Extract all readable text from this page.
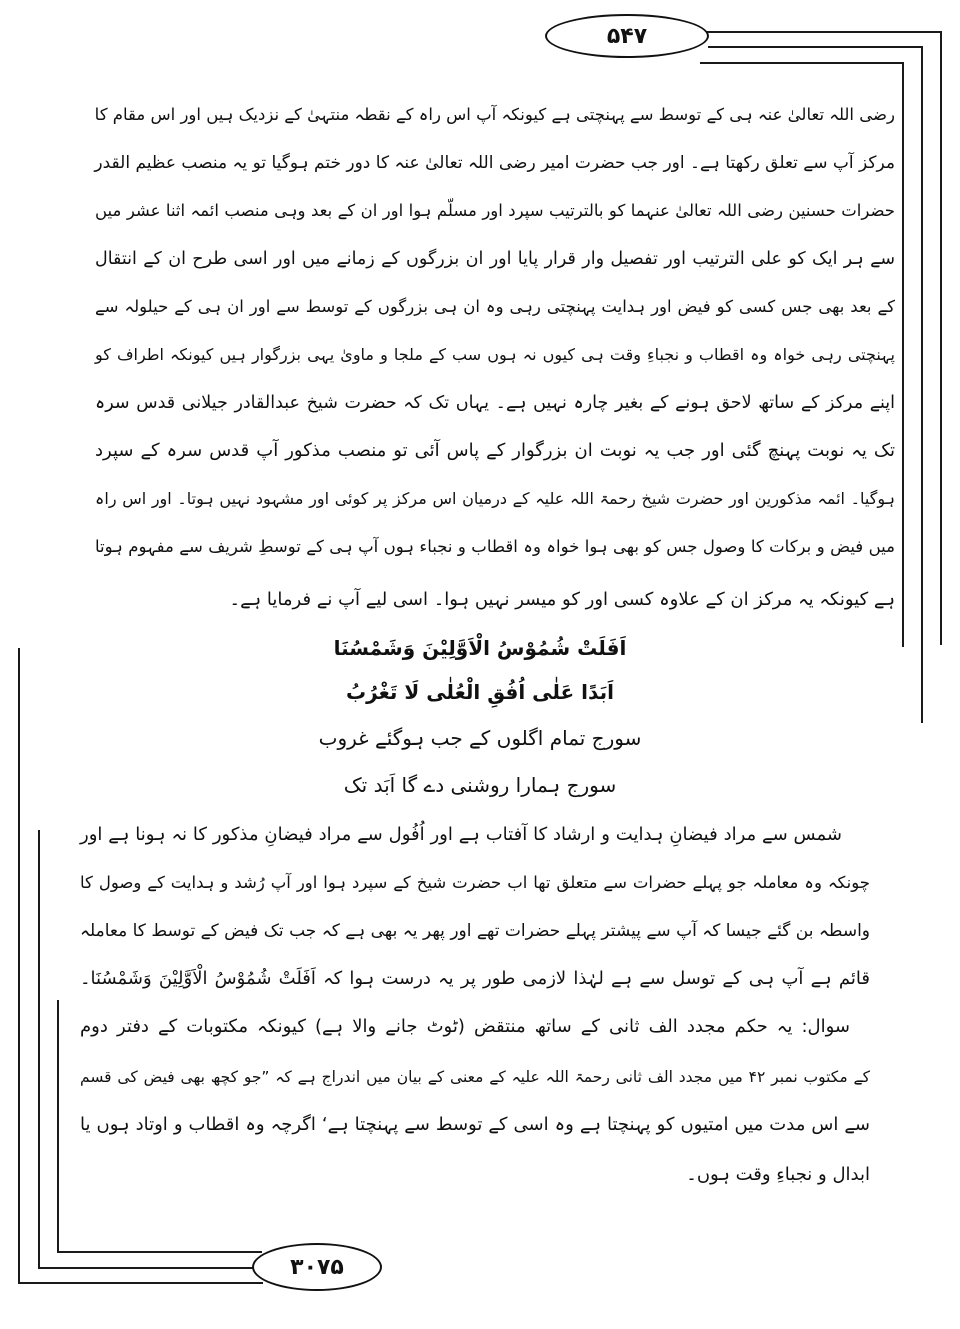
۵۴۷
۳۰۷۵
رضی اللہ تعالیٰ عنہ ہی کے توسط سے پہنچتی ہے کیونکہ آپ اس راہ کے نقطہ منتہیٰ کے نزدیک ہیں اور اس مقام کا
مرکز آپ سے تعلق رکھتا ہے۔ اور جب حضرت امیر رضی اللہ تعالیٰ عنہ کا دور ختم ہوگیا تو یہ منصب عظیم القدر
حضرات حسنین رضی اللہ تعالیٰ عنہما کو بالترتیب سپرد اور مسلّم ہوا اور ان کے بعد وہی منصب ائمہ اثنا عشر میں
سے ہر ایک کو علی الترتیب اور تفصیل وار قرار پایا اور ان بزرگوں کے زمانے میں اور اسی طرح ان کے انتقال
کے بعد بھی جس کسی کو فیض اور ہدایت پہنچتی رہی وہ ان ہی بزرگوں کے توسط سے اور ان ہی کے حیلولہ سے
پہنچتی رہی خواہ وہ اقطاب و نجباءِ وقت ہی کیوں نہ ہوں سب کے ملجا و ماویٰ یہی بزرگوار ہیں کیونکہ اطراف کو
اپنے مرکز کے ساتھ لاحق ہونے کے بغیر چارہ نہیں ہے۔ یہاں تک کہ حضرت شیخ عبدالقادر جیلانی قدس سرہ
تک یہ نوبت پہنچ گئی اور جب یہ نوبت ان بزرگوار کے پاس آئی تو منصب مذکور آپ قدس سرہ کے سپرد
ہوگیا۔ ائمہ مذکورین اور حضرت شیخ رحمۃ اللہ علیہ کے درمیان اس مرکز پر کوئی اور مشہود نہیں ہوتا۔ اور اس راہ
میں فیض و برکات کا وصول جس کو بھی ہوا خواہ وہ اقطاب و نجباء ہوں آپ ہی کے توسطِ شریف سے مفہوم ہوتا
ہے کیونکہ یہ مرکز ان کے علاوہ کسی اور کو میسر نہیں ہوا۔ اسی لیے آپ نے فرمایا ہے۔
اَفَلَتْ شُمُوْسُ الْاَوَّلِیْنَ وَشَمْسُنَا
اَبَدًا عَلٰی اُفُقِ الْعُلٰی لَا تَغْرُبُ
سورج تمام اگلوں کے جب ہوگئے غروب
سورج ہمارا روشنی دے گا اَبَد تک
شمس سے مراد فیضانِ ہدایت و ارشاد کا آفتاب ہے اور اُفُول سے مراد فیضانِ مذکور کا نہ ہونا ہے اور
چونکہ وہ معاملہ جو پہلے حضرات سے متعلق تھا اب حضرت شیخ کے سپرد ہوا اور آپ رُشد و ہدایت کے وصول کا
واسطہ بن گئے جیسا کہ آپ سے پیشتر پہلے حضرات تھے اور پھر یہ بھی ہے کہ جب تک فیض کے توسط کا معاملہ
قائم ہے آپ ہی کے توسل سے ہے لہٰذا لازمی طور پر یہ درست ہوا کہ اَفَلَتْ شُمُوْسُ الْاَوَّلِیْنَ وَشَمْسُنَا۔
سوال: یہ حکم مجدد الف ثانی کے ساتھ منتقض (ٹوٹ جانے والا ہے) کیونکہ مکتوبات کے دفتر دوم
کے مکتوب نمبر ۴۲ میں مجدد الف ثانی رحمۃ اللہ علیہ کے معنی کے بیان میں اندراج ہے کہ ”جو کچھ بھی فیض کی قسم
سے اس مدت میں امتیوں کو پہنچتا ہے وہ اسی کے توسط سے پہنچتا ہے‘ اگرچہ وہ اقطاب و اوتاد ہوں یا
ابدال و نجباءِ وقت ہوں۔
